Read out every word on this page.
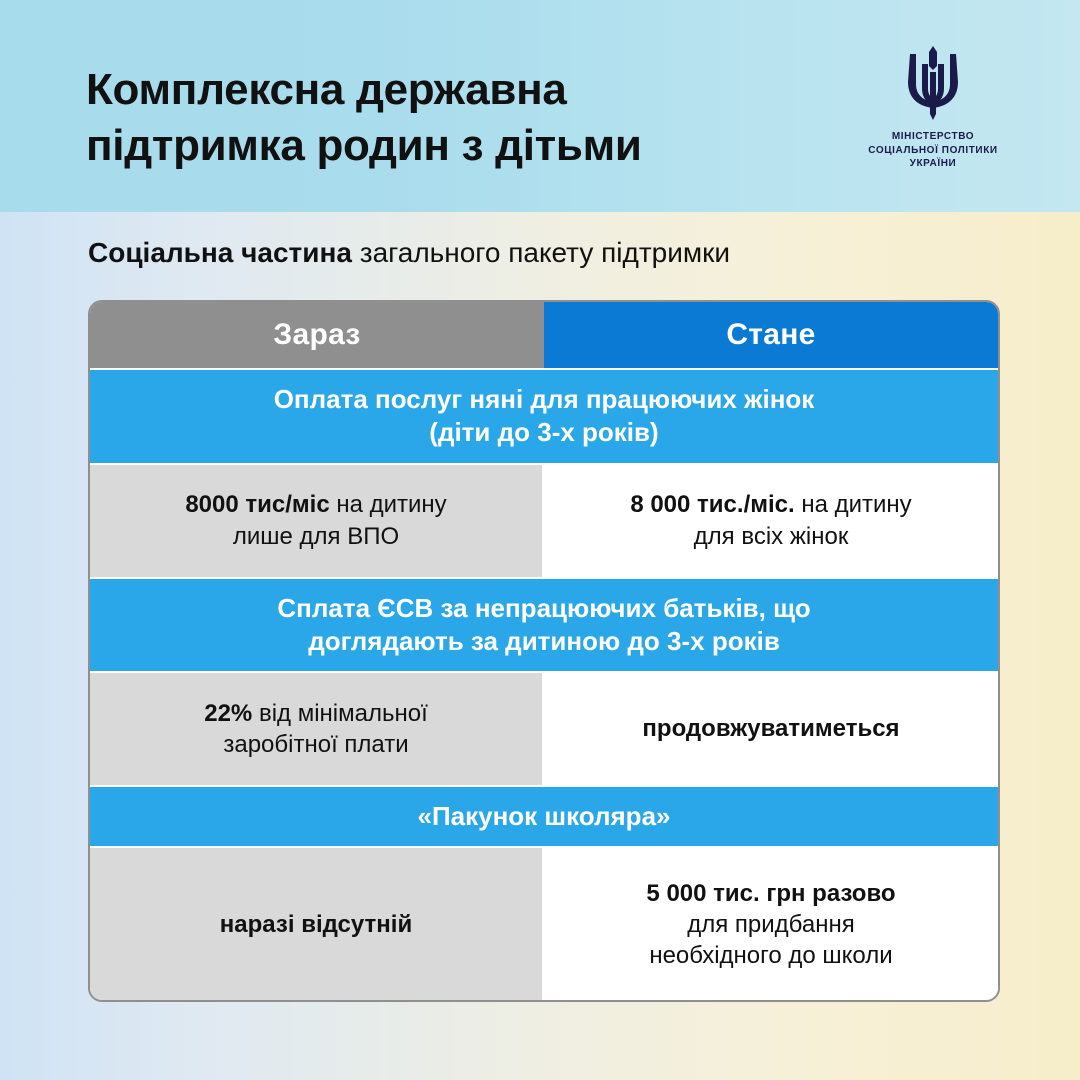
Комплексна державна
підтримка родин з дітьми	МІНІСТЕРСТВО
СОЦІАЛЬНОЇ ПОЛІТИКИ
УКРАЇНИ
Соціальна частина загального пакету підтримки
Зараз	Стане
Оплата послуг няні для працюючих жінок
(діти до 3-х років)
8000 тис/міс на дитину
лише для ВПО
8 000 тис./міс. на дитину
для всіх жінок
Сплата ЄСВ за непрацюючих батьків, що
доглядають за дитиною до 3-х років
22% від мінімальної
заробітної плати
продовжуватиметься
«Пакунок школяра»
наразі відсутній
5 000 тис. грн разово
для придбання
необхідного до школи
